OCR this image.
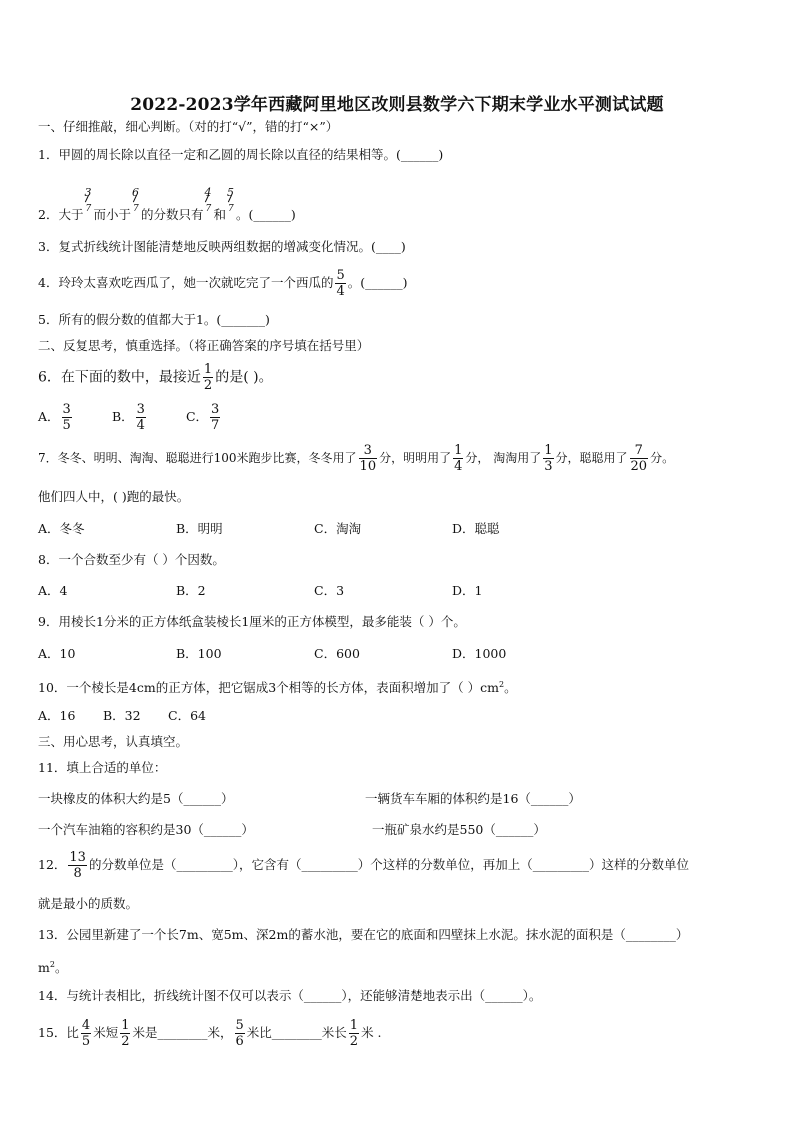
2022-2023学年西藏阿里地区改则县数学六下期末学业水平测试试题
一、仔细推敲，细心判断。（对的打“√”，错的打“×”）
1．甲圆的周长除以直径一定和乙圆的周长除以直径的结果相等。(______)
2．大于
3
7 而小于
6
7 的分数只有
4
7 和
5
7 。(______)
3．复式折线统计图能清楚地反映两组数据的增减变化情况。(____)
4．玲玲太喜欢吃西瓜了，她一次就吃完了一个西瓜的 $\frac{5}{4}$ 。(______)
5．所有的假分数的值都大于1。(_______)
二、反复思考，慎重选择。（将正确答案的序号填在括号里）
6．在下面的数中，最接近 $\frac{1}{2}$ 的是( )。
A． $\frac{3}{5}$	B． $\frac{3}{4}$	C． $\frac{3}{7}$
7．冬冬、明明、淘淘、聪聪进行100米跑步比赛，冬冬用了 $\frac{3}{10}$ 分，明明用了 $\frac{1}{4}$ 分， 淘淘用了 $\frac{1}{3}$ 分，聪聪用了 $\frac{7}{20}$ 分。
他们四人中，( )跑的最快。
A．冬冬	B．明明	C．淘淘	D．聪聪
8．一个合数至少有（ ）个因数。
A．4	B．2	C．3	D．1
9．用棱长1分米的正方体纸盒装棱长1厘米的正方体模型，最多能装（ ）个。
A．10	B．100	C．600	D．1000
10．一个棱长是4cm的正方体，把它锯成3个相等的长方体，表面积增加了（ ）$cm^2$。
A．16 B．32 C．64
三、用心思考，认真填空。
11．填上合适的单位：
一块橡皮的体积大约是5（______）	一辆货车车厢的体积约是16（______）
一个汽车油箱的容积约是30（______）	一瓶矿泉水约是550（______）
12． $\frac{13}{8}$ 的分数单位是（_________），它含有（_________）个这样的分数单位，再加上（_________）这样的分数单位
就是最小的质数。
13．公园里新建了一个长7m、宽5m、深2m的蓄水池，要在它的底面和四壁抹上水泥。抹水泥的面积是（________）
$m^2$。
14．与统计表相比，折线统计图不仅可以表示（______），还能够清楚地表示出（______）。
15．比 $\frac{4}{5}$ 米短 $\frac{1}{2}$ 米是________米， $\frac{5}{6}$ 米比________米长 $\frac{1}{2}$ 米 .
